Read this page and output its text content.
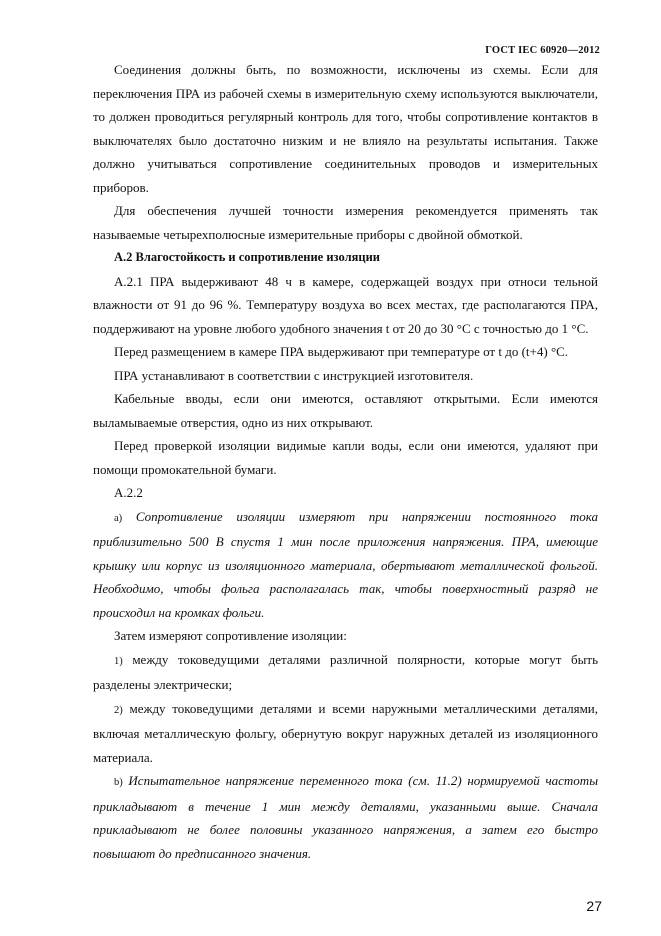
ГОСТ IEC 60920—2012

Соединения должны быть, по возможности, исключены из схемы. Если для переключения ПРА из рабочей схемы в измерительную схему используются выключатели, то должен проводиться регулярный контроль для того, чтобы сопротивление контактов в выключателях было достаточно низким и не влияло на результаты испытания. Также должно учитываться сопротивление соединительных проводов и измерительных приборов.

Для обеспечения лучшей точности измерения рекомендуется применять так называемые четырехполюсные измерительные приборы с двойной обмоткой.

А.2 Влагостойкость и сопротивление изоляции

А.2.1 ПРА выдерживают 48 ч в камере, содержащей воздух при относи тельной влажности от 91 до 96 %. Температуру воздуха во всех местах, где располагаются ПРА, поддерживают на уровне любого удобного значения t от 20 до 30 °С с точностью до 1 °С.

Перед размещением в камере ПРА выдерживают при температуре от t до (t+4) °С.

ПРА устанавливают в соответствии с инструкцией изготовителя.

Кабельные вводы, если они имеются, оставляют открытыми. Если имеются выламываемые отверстия, одно из них открывают.

Перед проверкой изоляции видимые капли воды, если они имеются, удаляют при помощи промокательной бумаги.

А.2.2

а) Сопротивление изоляции измеряют при напряжении постоянного тока приблизительно 500 В спустя 1 мин после приложения напряжения. ПРА, имеющие крышку или корпус из изоляционного материала, обертывают металлической фольгой. Необходимо, чтобы фольга располагалась так, чтобы поверхностный разряд не происходил на кромках фольги.

Затем измеряют сопротивление изоляции:

1) между токоведущими деталями различной полярности, которые могут быть разделены электрически;

2) между токоведущими деталями и всеми наружными металлическими деталями, включая металлическую фольгу, обернутую вокруг наружных деталей из изоляционного материала.

b) Испытательное напряжение переменного тока (см. 11.2) нормируемой частоты прикладывают в течение 1 мин между деталями, указанными выше. Сначала прикладывают не более половины указанного напряжения, а затем его быстро повышают до предписанного значения.

27
